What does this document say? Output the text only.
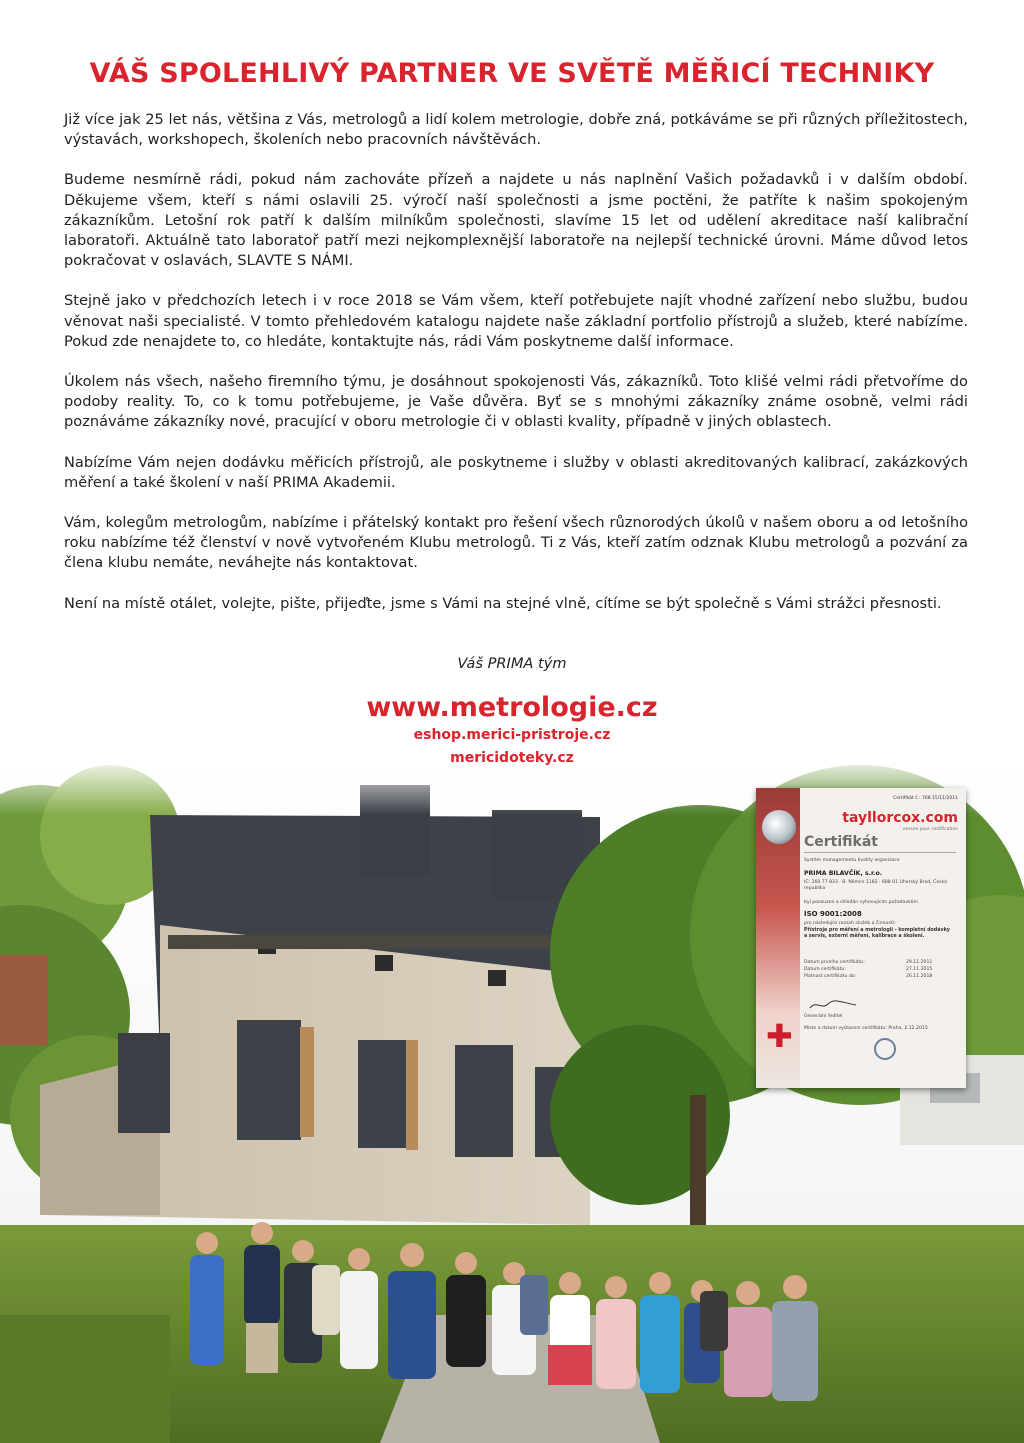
VÁŠ SPOLEHLIVÝ PARTNER VE SVĚTĚ MĚŘICÍ TECHNIKY

Již více jak 25 let nás, většina z Vás, metrologů a lidí kolem metrologie, dobře zná, potkáváme se při různých příležitostech, výstavách, workshopech, školeních nebo pracovních návštěvách.

Budeme nesmírně rádi, pokud nám zachováte přízeň a najdete u nás naplnění Vašich požadavků i v dalším období. Děkujeme všem, kteří s námi oslavili 25. výročí naší společnosti a jsme poctěni, že patříte k našim spokojeným zákazníkům. Letošní rok patří k dalším milníkům společnosti, slavíme 15 let od udělení akreditace naší kalibrační laboratoři. Aktuálně tato laboratoř patří mezi nejkomplexnější laboratoře na nejlepší technické úrovni. Máme důvod letos pokračovat v oslavách, SLAVTE S NÁMI.

Stejně jako v předchozích letech i v roce 2018 se Vám všem, kteří potřebujete najít vhodné zařízení nebo službu, budou věnovat naši specialisté. V tomto přehledovém katalogu najdete naše základní portfolio přístrojů a služeb, které nabízíme. Pokud zde nenajdete to, co hledáte, kontaktujte nás, rádi Vám poskytneme další informace.

Úkolem nás všech, našeho firemního týmu, je dosáhnout spokojenosti Vás, zákazníků. Toto klišé velmi rádi přetvoříme do podoby reality. To, co k tomu potřebujeme, je Vaše důvěra. Byť se s mnohými zákazníky známe osobně, velmi rádi poznáváme zákazníky nové, pracující v oboru metrologie či v oblasti kvality, případně v jiných oblastech.

Nabízíme Vám nejen dodávku měřicích přístrojů, ale poskytneme i služby v oblasti akreditovaných kalibrací, zakázkových měření a také školení v naší PRIMA Akademii.

Vám, kolegům metrologům, nabízíme i přátelský kontakt pro řešení všech různorodých úkolů v našem oboru a od letošního roku nabízíme též členství v nově vytvořeném Klubu metrologů. Ti z Vás, kteří zatím odznak Klubu metrologů a pozvání za člena klubu nemáte, neváhejte nás kontaktovat.

Není na místě otálet, volejte, pište, přijeďte, jsme s Vámi na stejné vlně, cítíme se být společně s Vámi strážci přesnosti.

Váš PRIMA tým

www.metrologie.cz

eshop.merici-pristroje.cz

mericidoteky.cz

✚
Certifikát č.: 768 15/11/2011
tayllorcox.com
ensure your certification
Certifikát
Systém managementu kvality organizace
PRIMA BILAVČÍK, s.r.o.
IČ: 260 77 833 · B. Němce 1182 · 688 01 Uherský Brod, Česká republika
byl posouzen a shledán vyhovujícím požadavkům
ISO 9001:2008
pro následující rozsah služeb a činností:
Přístroje pro měření a metrologii - kompletní dodávky a servis, externí měření, kalibrace a školení.
Datum prvního certifikátu:	29.11.2011
Datum certifikátu:	27.11.2015
Platnost certifikátu do:	26.11.2018
Generální ředitel
Místo a datum vystavení certifikátu: Praha, 2.12.2015
